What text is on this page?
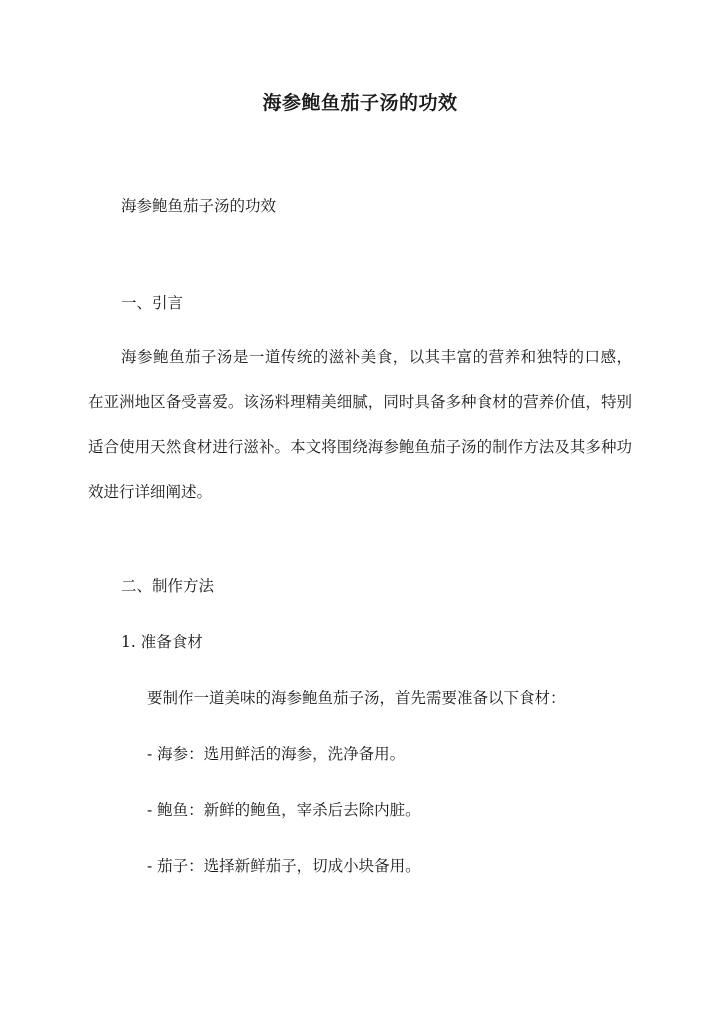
海参鲍鱼茄子汤的功效
海参鲍鱼茄子汤的功效
一、引言
海参鲍鱼茄子汤是一道传统的滋补美食，以其丰富的营养和独特的口感，在亚洲地区备受喜爱。该汤料理精美细腻，同时具备多种食材的营养价值，特别适合使用天然食材进行滋补。本文将围绕海参鲍鱼茄子汤的制作方法及其多种功效进行详细阐述。
二、制作方法
1. 准备食材
要制作一道美味的海参鲍鱼茄子汤，首先需要准备以下食材：
- 海参：选用鲜活的海参，洗净备用。
- 鲍鱼：新鲜的鲍鱼，宰杀后去除内脏。
- 茄子：选择新鲜茄子，切成小块备用。
